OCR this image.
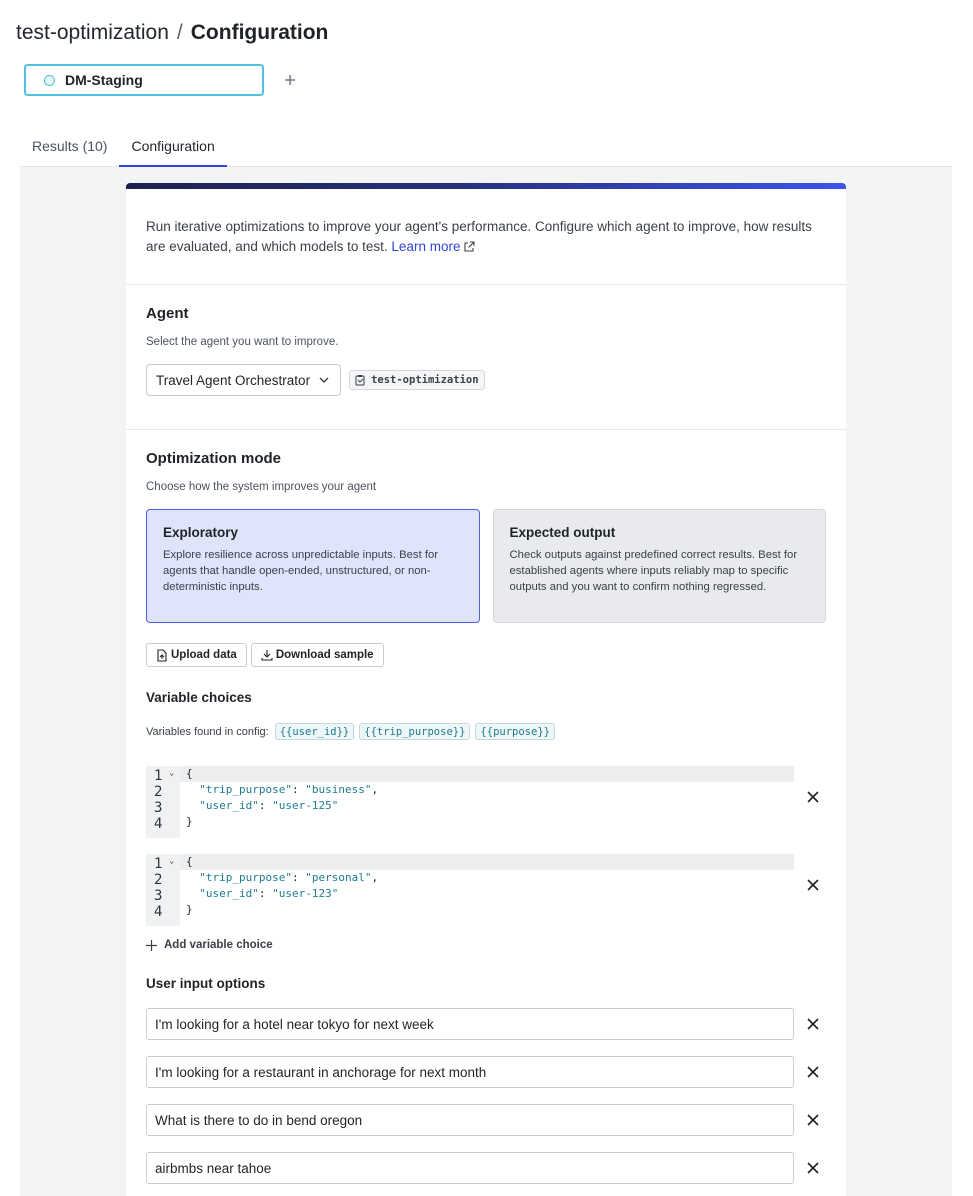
test-optimization / Configuration
DM-Staging
Results (10)	Configuration
Run iterative optimizations to improve your agent's performance. Configure which agent to improve, how results are evaluated, and which models to test. Learn more
Agent
Select the agent you want to improve.
Travel Agent Orchestrator	test-optimization
Optimization mode
Choose how the system improves your agent
Exploratory
Explore resilience across unpredictable inputs. Best for agents that handle open-ended, unstructured, or non-deterministic inputs.
Expected output
Check outputs against predefined correct results. Best for established agents where inputs reliably map to specific outputs and you want to confirm nothing regressed.
Upload data	Download sample
Variable choices
Variables found in config:	{{user_id}}	{{trip_purpose}}	{{purpose}}
1 ⌄
2
3
4
{
"trip_purpose": "business",
"user_id": "user-125"
}
1 ⌄
2
3
4
{
"trip_purpose": "personal",
"user_id": "user-123"
}
Add variable choice
User input options
I'm looking for a hotel near tokyo for next week
I'm looking for a restaurant in anchorage for next month
What is there to do in bend oregon
airbmbs near tahoe
